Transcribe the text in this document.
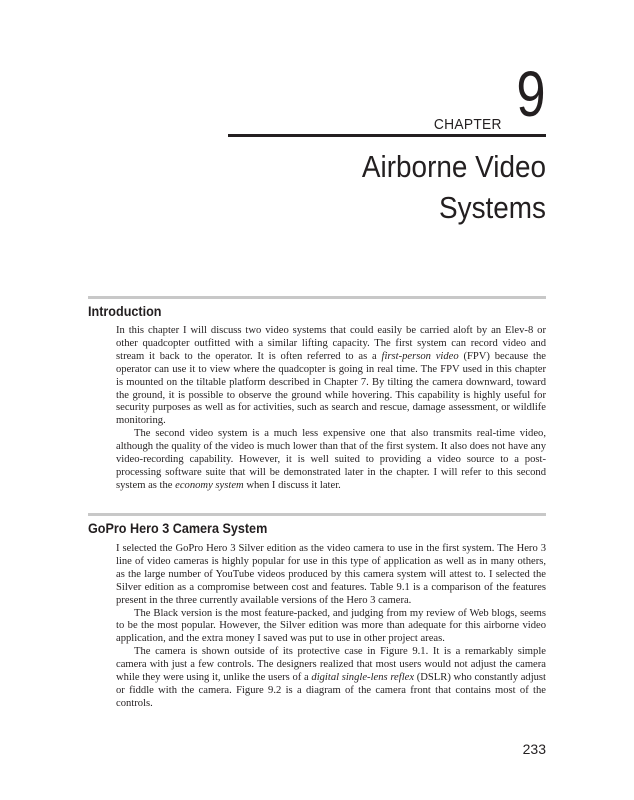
CHAPTER 9
Airborne Video
Systems
Introduction

In this chapter I will discuss two video systems that could easily be carried aloft by an Elev-8 or other quadcopter outfitted with a similar lifting capacity. The first system can record video and stream it back to the operator. It is often referred to as a first-person video (FPV) because the operator can use it to view where the quadcopter is going in real time. The FPV used in this chapter is mounted on the tiltable platform described in Chapter 7. By tilting the camera downward, toward the ground, it is possible to observe the ground while hovering. This capability is highly useful for security purposes as well as for activities, such as search and rescue, damage assessment, or wildlife monitoring.

The second video system is a much less expensive one that also transmits real-time video, although the quality of the video is much lower than that of the first system. It also does not have any video-recording capability. However, it is well suited to providing a video source to a post-processing software suite that will be demonstrated later in the chapter. I will refer to this second system as the economy system when I discuss it later.

GoPro Hero 3 Camera System

I selected the GoPro Hero 3 Silver edition as the video camera to use in the first system. The Hero 3 line of video cameras is highly popular for use in this type of application as well as in many others, as the large number of YouTube videos produced by this camera system will attest to. I selected the Silver edition as a compromise between cost and features. Table 9.1 is a comparison of the features present in the three currently available versions of the Hero 3 camera.

The Black version is the most feature-packed, and judging from my review of Web blogs, seems to be the most popular. However, the Silver edition was more than adequate for this airborne video application, and the extra money I saved was put to use in other project areas.

The camera is shown outside of its protective case in Figure 9.1. It is a remarkably simple camera with just a few controls. The designers realized that most users would not adjust the camera while they were using it, unlike the users of a digital single-lens reflex (DSLR) who constantly adjust or fiddle with the camera. Figure 9.2 is a diagram of the camera front that contains most of the controls.

233
